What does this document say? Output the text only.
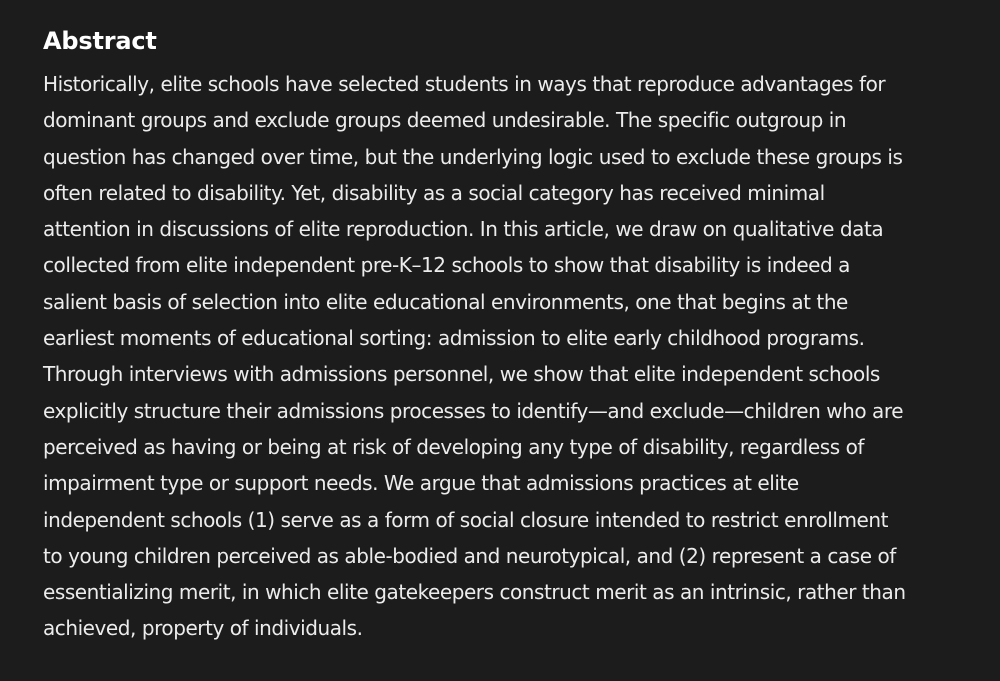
Abstract
Historically, elite schools have selected students in ways that reproduce advantages for
dominant groups and exclude groups deemed undesirable. The specific outgroup in
question has changed over time, but the underlying logic used to exclude these groups is
often related to disability. Yet, disability as a social category has received minimal
attention in discussions of elite reproduction. In this article, we draw on qualitative data
collected from elite independent pre-K–12 schools to show that disability is indeed a
salient basis of selection into elite educational environments, one that begins at the
earliest moments of educational sorting: admission to elite early childhood programs.
Through interviews with admissions personnel, we show that elite independent schools
explicitly structure their admissions processes to identify—and exclude—children who are
perceived as having or being at risk of developing any type of disability, regardless of
impairment type or support needs. We argue that admissions practices at elite
independent schools (1) serve as a form of social closure intended to restrict enrollment
to young children perceived as able-bodied and neurotypical, and (2) represent a case of
essentializing merit, in which elite gatekeepers construct merit as an intrinsic, rather than
achieved, property of individuals.
